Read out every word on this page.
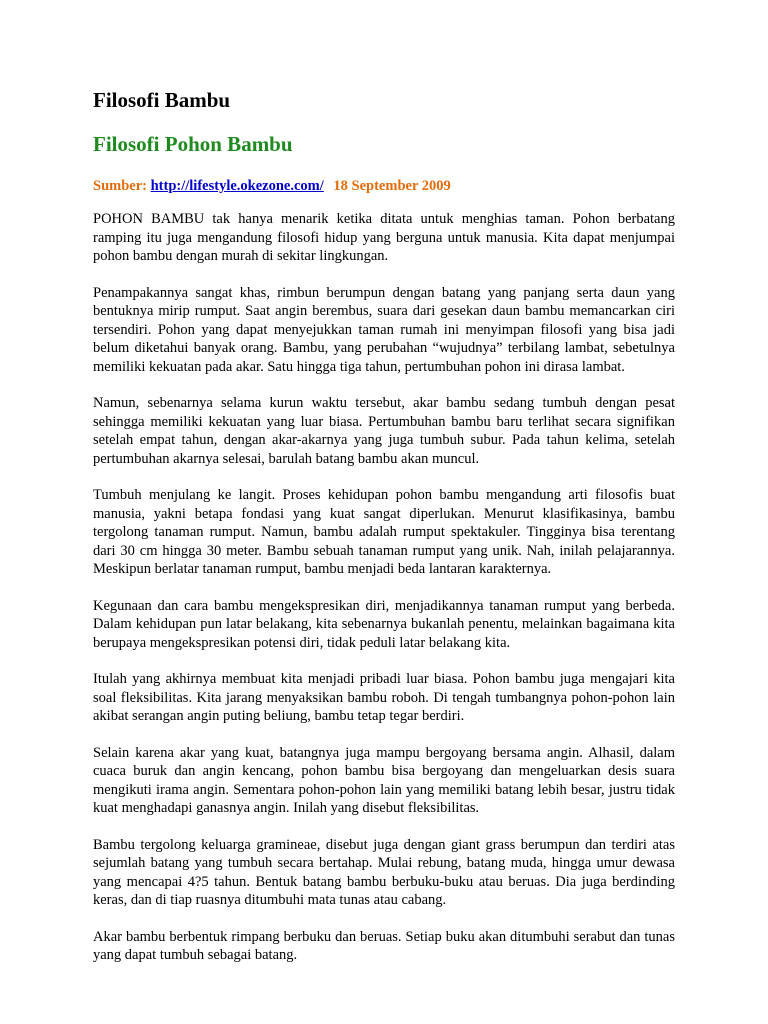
Filosofi Bambu
Filosofi Pohon Bambu

Sumber: http://lifestyle.okezone.com/ 18 September 2009

POHON BAMBU tak hanya menarik ketika ditata untuk menghias taman. Pohon berbatang ramping itu juga mengandung filosofi hidup yang berguna untuk manusia. Kita dapat menjumpai pohon bambu dengan murah di sekitar lingkungan.

Penampakannya sangat khas, rimbun berumpun dengan batang yang panjang serta daun yang bentuknya mirip rumput. Saat angin berembus, suara dari gesekan daun bambu memancarkan ciri tersendiri. Pohon yang dapat menyejukkan taman rumah ini menyimpan filosofi yang bisa jadi belum diketahui banyak orang. Bambu, yang perubahan “wujudnya” terbilang lambat, sebetulnya memiliki kekuatan pada akar. Satu hingga tiga tahun, pertumbuhan pohon ini dirasa lambat.

Namun, sebenarnya selama kurun waktu tersebut, akar bambu sedang tumbuh dengan pesat sehingga memiliki kekuatan yang luar biasa. Pertumbuhan bambu baru terlihat secara signifikan setelah empat tahun, dengan akar-akarnya yang juga tumbuh subur. Pada tahun kelima, setelah pertumbuhan akarnya selesai, barulah batang bambu akan muncul.

Tumbuh menjulang ke langit. Proses kehidupan pohon bambu mengandung arti filosofis buat manusia, yakni betapa fondasi yang kuat sangat diperlukan. Menurut klasifikasinya, bambu tergolong tanaman rumput. Namun, bambu adalah rumput spektakuler. Tingginya bisa terentang dari 30 cm hingga 30 meter. Bambu sebuah tanaman rumput yang unik. Nah, inilah pelajarannya. Meskipun berlatar tanaman rumput, bambu menjadi beda lantaran karakternya.

Kegunaan dan cara bambu mengekspresikan diri, menjadikannya tanaman rumput yang berbeda. Dalam kehidupan pun latar belakang, kita sebenarnya bukanlah penentu, melainkan bagaimana kita berupaya mengekspresikan potensi diri, tidak peduli latar belakang kita.

Itulah yang akhirnya membuat kita menjadi pribadi luar biasa. Pohon bambu juga mengajari kita soal fleksibilitas. Kita jarang menyaksikan bambu roboh. Di tengah tumbangnya pohon-pohon lain akibat serangan angin puting beliung, bambu tetap tegar berdiri.

Selain karena akar yang kuat, batangnya juga mampu bergoyang bersama angin. Alhasil, dalam cuaca buruk dan angin kencang, pohon bambu bisa bergoyang dan mengeluarkan desis suara mengikuti irama angin. Sementara pohon-pohon lain yang memiliki batang lebih besar, justru tidak kuat menghadapi ganasnya angin. Inilah yang disebut fleksibilitas.

Bambu tergolong keluarga gramineae, disebut juga dengan giant grass berumpun dan terdiri atas sejumlah batang yang tumbuh secara bertahap. Mulai rebung, batang muda, hingga umur dewasa yang mencapai 4?5 tahun. Bentuk batang bambu berbuku-buku atau beruas. Dia juga berdinding keras, dan di tiap ruasnya ditumbuhi mata tunas atau cabang.

Akar bambu berbentuk rimpang berbuku dan beruas. Setiap buku akan ditumbuhi serabut dan tunas yang dapat tumbuh sebagai batang.
